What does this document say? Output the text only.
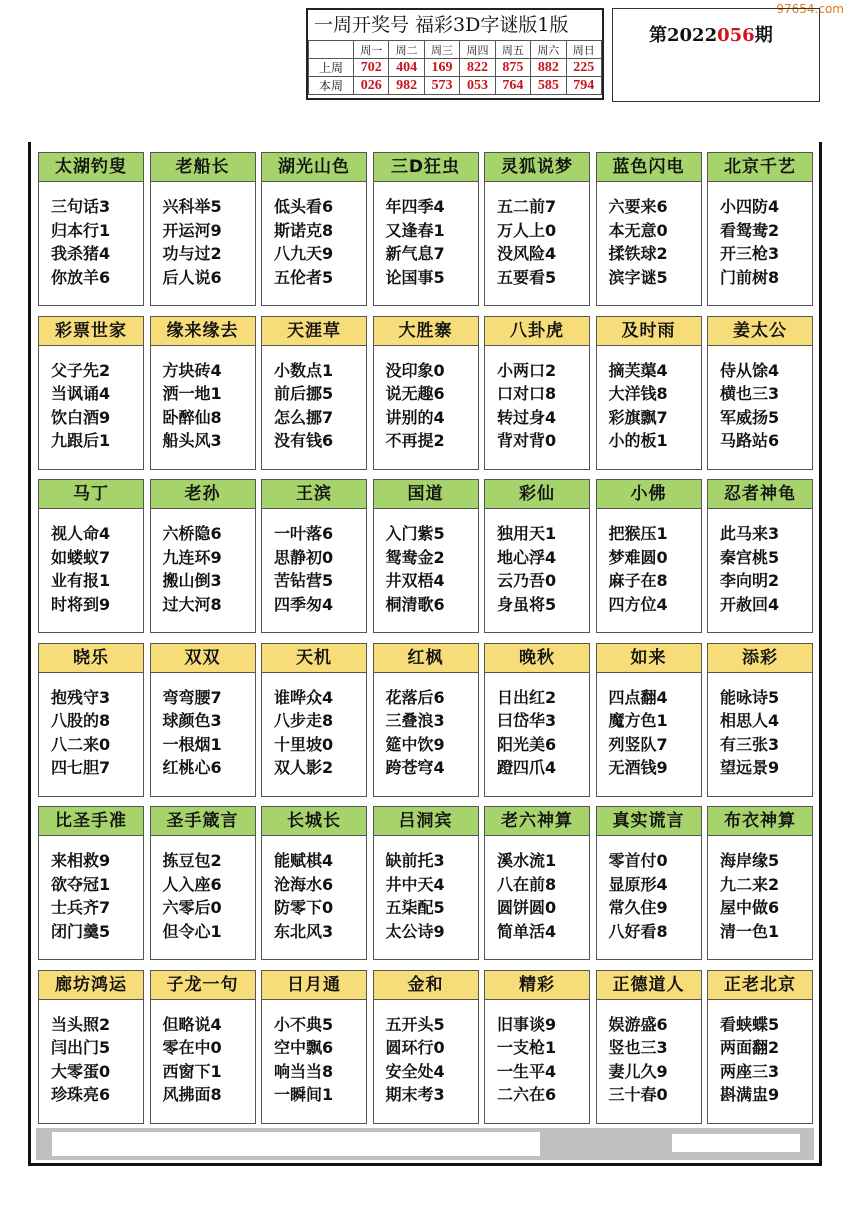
97654.com
一周开奖号 福彩3D字谜版1版
	周一	周二	周三	周四	周五	周六	周日
上周	702	404	169	822	875	882	225
本周	026	982	573	053	764	585	794
第2022056期
太湖钓叟
三句话3
归本行1
我杀猪4
你放羊6
老船长
兴科举5
开运河9
功与过2
后人说6
湖光山色
低头看6
斯诺克8
八九天9
五伦者5
三D狂虫
年四季4
又逢春1
新气息7
论国事5
灵狐说梦
五二前7
万人上0
没风险4
五要看5
蓝色闪电
六要来6
本无意0
揉铁球2
滨字谜5
北京千艺
小四防4
看鸳鸯2
开三枪3
门前树8
彩票世家
父子先2
当讽诵4
饮白酒9
九跟后1
缘来缘去
方块砖4
洒一地1
卧醉仙8
船头风3
天涯草
小数点1
前后挪5
怎么挪7
没有钱6
大胜寨
没印象0
说无趣6
讲别的4
不再提2
八卦虎
小两口2
口对口8
转过身4
背对背0
及时雨
摘芙蕖4
大洋钱8
彩旗飘7
小的板1
姜太公
侍从馀4
横也三3
军威扬5
马路站6
马丁
视人命4
如蝼蚁7
业有报1
时将到9
老孙
六桥隐6
九连环9
搬山倒3
过大河8
王滨
一叶落6
思静初0
苦钻营5
四季匆4
国道
入门紫5
鸳鸯金2
井双梧4
桐清歌6
彩仙
独用天1
地心浮4
云乃吾0
身虽将5
小佛
把猴压1
梦难圆0
麻子在8
四方位4
忍者神龟
此马来3
秦宫桃5
李向明2
开赦回4
晓乐
抱残守3
八股的8
八二来0
四七胆7
双双
弯弯腰7
球颜色3
一根烟1
红桃心6
天机
谁哗众4
八步走8
十里坡0
双人影2
红枫
花落后6
三叠浪3
筵中饮9
跨苍穹4
晚秋
日出红2
曰岱华3
阳光美6
蹬四爪4
如来
四点翻4
魔方色1
列竖队7
无酒钱9
添彩
能咏诗5
相思人4
有三张3
望远景9
比圣手准
来相救9
欲夺冠1
士兵齐7
闭门羹5
圣手箴言
拣豆包2
人入座6
六零后0
但令心1
长城长
能赋棋4
沧海水6
防零下0
东北风3
吕洞宾
缺前托3
井中天4
五柒配5
太公诗9
老六神算
溪水流1
八在前8
圆饼圆0
简单活4
真实谎言
零首付0
显原形4
常久住9
八好看8
布衣神算
海岸缘5
九二来2
屋中做6
清一色1
廊坊鸿运
当头照2
闫出门5
大零蛋0
珍珠亮6
子龙一句
但略说4
零在中0
西窗下1
风拂面8
日月通
小不典5
空中飘6
响当当8
一瞬间1
金和
五开头5
圆环行0
安全处4
期末考3
精彩
旧事谈9
一支枪1
一生平4
二六在6
正德道人
娱游盛6
竖也三3
妻儿久9
三十春0
正老北京
看蛱蝶5
两面翻2
两座三3
斟满盅9
